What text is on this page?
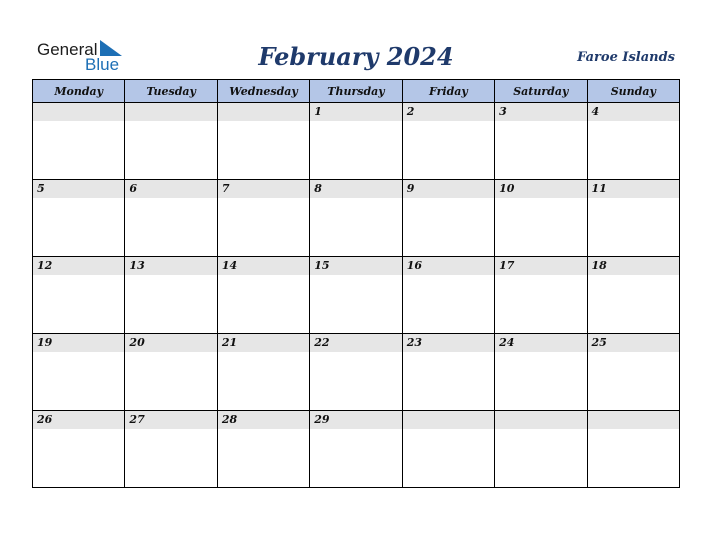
General
Blue	February 2024	Faroe Islands
Monday	Tuesday	Wednesday	Thursday	Friday	Saturday	Sunday

			1	2	3	4

5	6	7	8	9	10	11

12	13	14	15	16	17	18

19	20	21	22	23	24	25

26	27	28	29			
